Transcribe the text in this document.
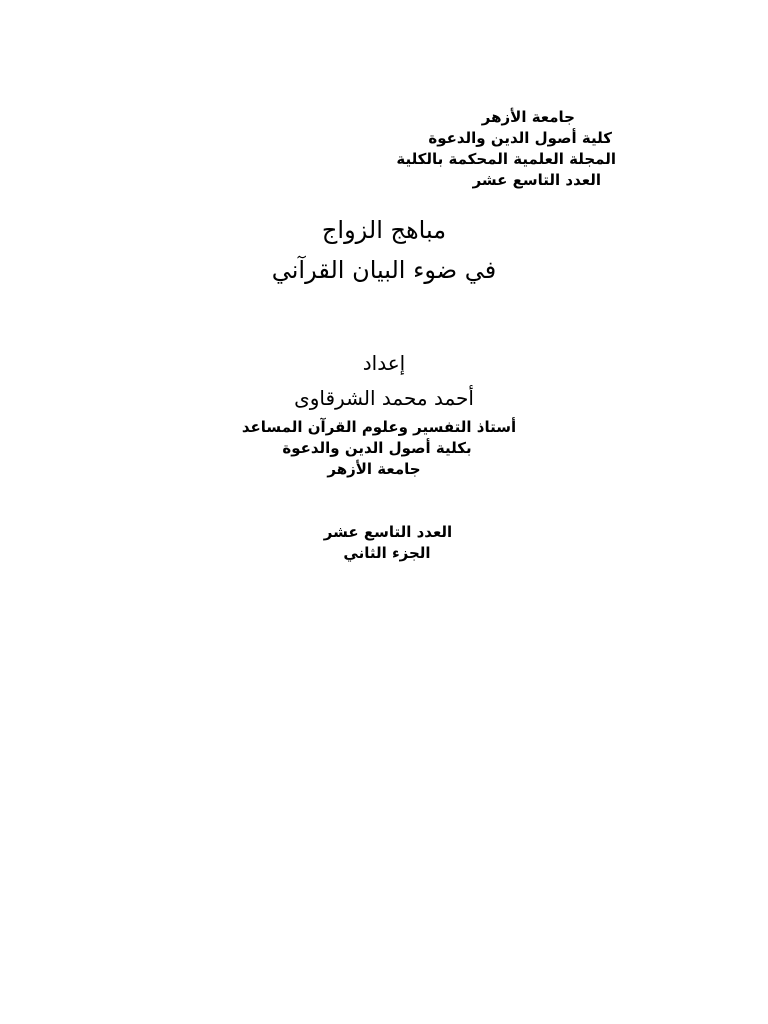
جامعة الأزهر
كلية أصول الدين والدعوة
المجلة العلمية المحكمة بالكلية
العدد التاسع عشر
مباهج الزواج
في ضوء البيان القرآني
إعداد
أحمد محمد الشرقاوى
أستاذ التفسير وعلوم القرآن المساعد
بكلية أصول الدين والدعوة
جامعة الأزهر
العدد التاسع عشر
الجزء الثاني
